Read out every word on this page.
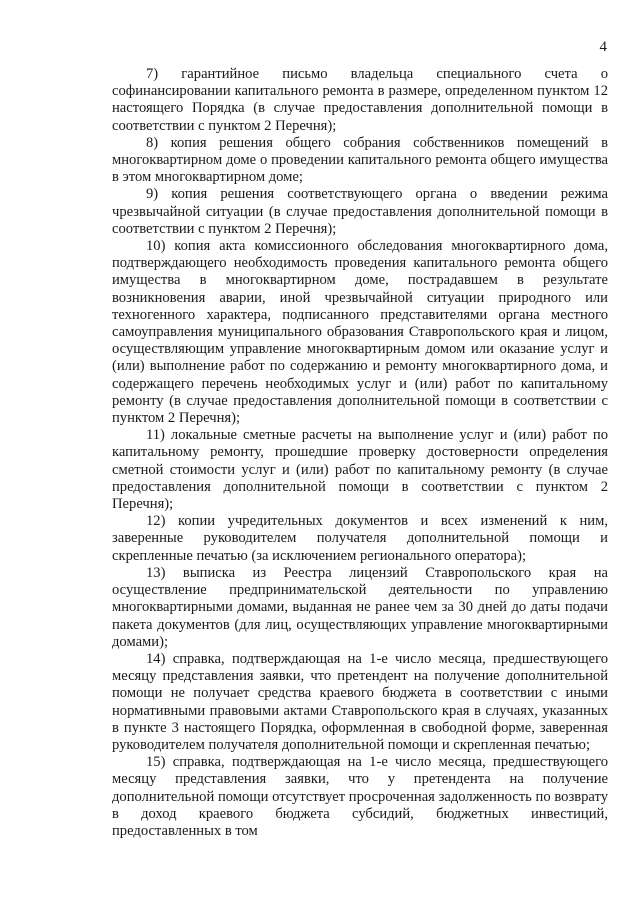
4

7) гарантийное письмо владельца специального счета о софинансировании капитального ремонта в размере, определенном пунктом 12 настоящего Порядка (в случае предоставления дополнительной помощи в соответствии с пунктом 2 Перечня);

8) копия решения общего собрания собственников помещений в многоквартирном доме о проведении капитального ремонта общего имущества в этом многоквартирном доме;

9) копия решения соответствующего органа о введении режима чрезвычайной ситуации (в случае предоставления дополнительной помощи в соответствии с пунктом 2 Перечня);

10) копия акта комиссионного обследования многоквартирного дома, подтверждающего необходимость проведения капитального ремонта общего имущества в многоквартирном доме, пострадавшем в результате возникновения аварии, иной чрезвычайной ситуации природного или техногенного характера, подписанного представителями органа местного самоуправления муниципального образования Ставропольского края и лицом, осуществляющим управление многоквартирным домом или оказание услуг и (или) выполнение работ по содержанию и ремонту многоквартирного дома, и содержащего перечень необходимых услуг и (или) работ по капитальному ремонту (в случае предоставления дополнительной помощи в соответствии с пунктом 2 Перечня);

11) локальные сметные расчеты на выполнение услуг и (или) работ по капитальному ремонту, прошедшие проверку достоверности определения сметной стоимости услуг и (или) работ по капитальному ремонту (в случае предоставления дополнительной помощи в соответствии с пунктом 2 Перечня);

12) копии учредительных документов и всех изменений к ним, заверенные руководителем получателя дополнительной помощи и скрепленные печатью (за исключением регионального оператора);

13) выписка из Реестра лицензий Ставропольского края на осуществление предпринимательской деятельности по управлению многоквартирными домами, выданная не ранее чем за 30 дней до даты подачи пакета документов (для лиц, осуществляющих управление многоквартирными домами);

14) справка, подтверждающая на 1-е число месяца, предшествующего месяцу представления заявки, что претендент на получение дополнительной помощи не получает средства краевого бюджета в соответствии с иными нормативными правовыми актами Ставропольского края в случаях, указанных в пункте 3 настоящего Порядка, оформленная в свободной форме, заверенная руководителем получателя дополнительной помощи и скрепленная печатью;

15) справка, подтверждающая на 1-е число месяца, предшествующего месяцу представления заявки, что у претендента на получение дополнительной помощи отсутствует просроченная задолженность по возврату в доход краевого бюджета субсидий, бюджетных инвестиций, предоставленных в том
